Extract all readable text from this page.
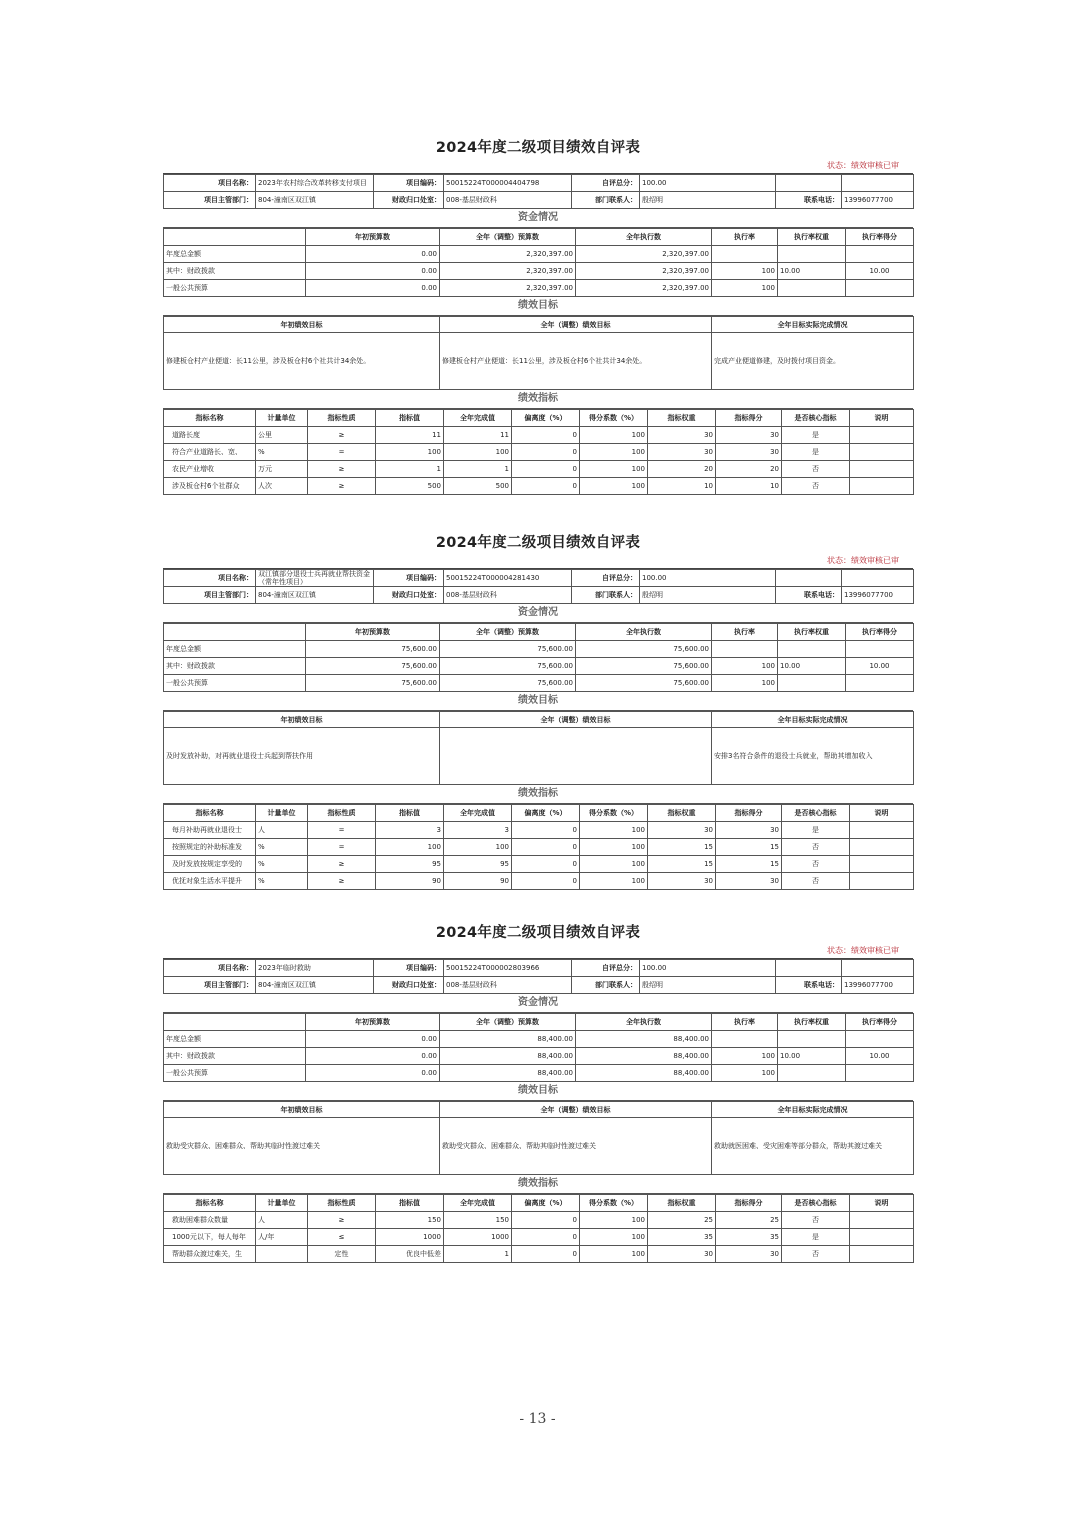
2024年度二级项目绩效自评表
状态：绩效审核已审
项目名称：	2023年农村综合改革转移支付项目	项目编码：	50015224T000004404798	自评总分：	100.00		
项目主管部门：	804-潼南区双江镇	财政归口处室：	008-基层财政科	部门联系人：	殷绍明	联系电话：	13996077700
资金情况
	年初预算数	全年（调整）预算数	全年执行数	执行率	执行率权重	执行率得分
年度总金额	0.00	2,320,397.00	2,320,397.00			
其中：财政拨款	0.00	2,320,397.00	2,320,397.00	100	10.00	10.00
一般公共预算	0.00	2,320,397.00	2,320,397.00	100		
绩效目标
年初绩效目标	全年（调整）绩效目标	全年目标实际完成情况
修建板仓村产业便道：长11公里，涉及板仓村6个社共计34余处。	修建板仓村产业便道：长11公里，涉及板仓村6个社共计34余处。	完成产业便道修建，及时拨付项目资金。
绩效指标
指标名称	计量单位	指标性质	指标值	全年完成值	偏离度（%）	得分系数（%）	指标权重	指标得分	是否核心指标	说明
道路长度	公里	≥	11	11	0	100	30	30	是	
符合产业道路长、宽、	%	=	100	100	0	100	30	30	是	
农民产业增收	万元	≥	1	1	0	100	20	20	否	
涉及板仓村6个社群众	人次	≥	500	500	0	100	10	10	否	
2024年度二级项目绩效自评表
状态：绩效审核已审
项目名称：	双江镇部分退役士兵再就业帮扶资金（常年性项目）	项目编码：	50015224T000004281430	自评总分：	100.00		
项目主管部门：	804-潼南区双江镇	财政归口处室：	008-基层财政科	部门联系人：	殷绍明	联系电话：	13996077700
资金情况
	年初预算数	全年（调整）预算数	全年执行数	执行率	执行率权重	执行率得分
年度总金额	75,600.00	75,600.00	75,600.00			
其中：财政拨款	75,600.00	75,600.00	75,600.00	100	10.00	10.00
一般公共预算	75,600.00	75,600.00	75,600.00	100		
绩效目标
年初绩效目标	全年（调整）绩效目标	全年目标实际完成情况
及时发放补助，对再就业退役士兵起到帮扶作用		安排3名符合条件的退役士兵就业，帮助其增加收入
绩效指标
指标名称	计量单位	指标性质	指标值	全年完成值	偏离度（%）	得分系数（%）	指标权重	指标得分	是否核心指标	说明
每月补助再就业退役士	人	=	3	3	0	100	30	30	是	
按照规定的补助标准发	%	=	100	100	0	100	15	15	否	
及时发放按规定享受的	%	≥	95	95	0	100	15	15	否	
优抚对象生活水平提升	%	≥	90	90	0	100	30	30	否	
2024年度二级项目绩效自评表
状态：绩效审核已审
项目名称：	2023年临时救助	项目编码：	50015224T000002803966	自评总分：	100.00		
项目主管部门：	804-潼南区双江镇	财政归口处室：	008-基层财政科	部门联系人：	殷绍明	联系电话：	13996077700
资金情况
	年初预算数	全年（调整）预算数	全年执行数	执行率	执行率权重	执行率得分
年度总金额	0.00	88,400.00	88,400.00			
其中：财政拨款	0.00	88,400.00	88,400.00	100	10.00	10.00
一般公共预算	0.00	88,400.00	88,400.00	100		
绩效目标
年初绩效目标	全年（调整）绩效目标	全年目标实际完成情况
救助受灾群众、困难群众、帮助其临时性渡过难关	救助受灾群众、困难群众、帮助其临时性渡过难关	救助就医困难、受灾困难等部分群众，帮助其渡过难关
绩效指标
指标名称	计量单位	指标性质	指标值	全年完成值	偏离度（%）	得分系数（%）	指标权重	指标得分	是否核心指标	说明
救助困难群众数量	人	≥	150	150	0	100	25	25	否	
1000元以下，每人每年	人/年	≤	1000	1000	0	100	35	35	是	
帮助群众渡过难关，生		定性	优良中低差	1	0	100	30	30	否	
- 13 -
